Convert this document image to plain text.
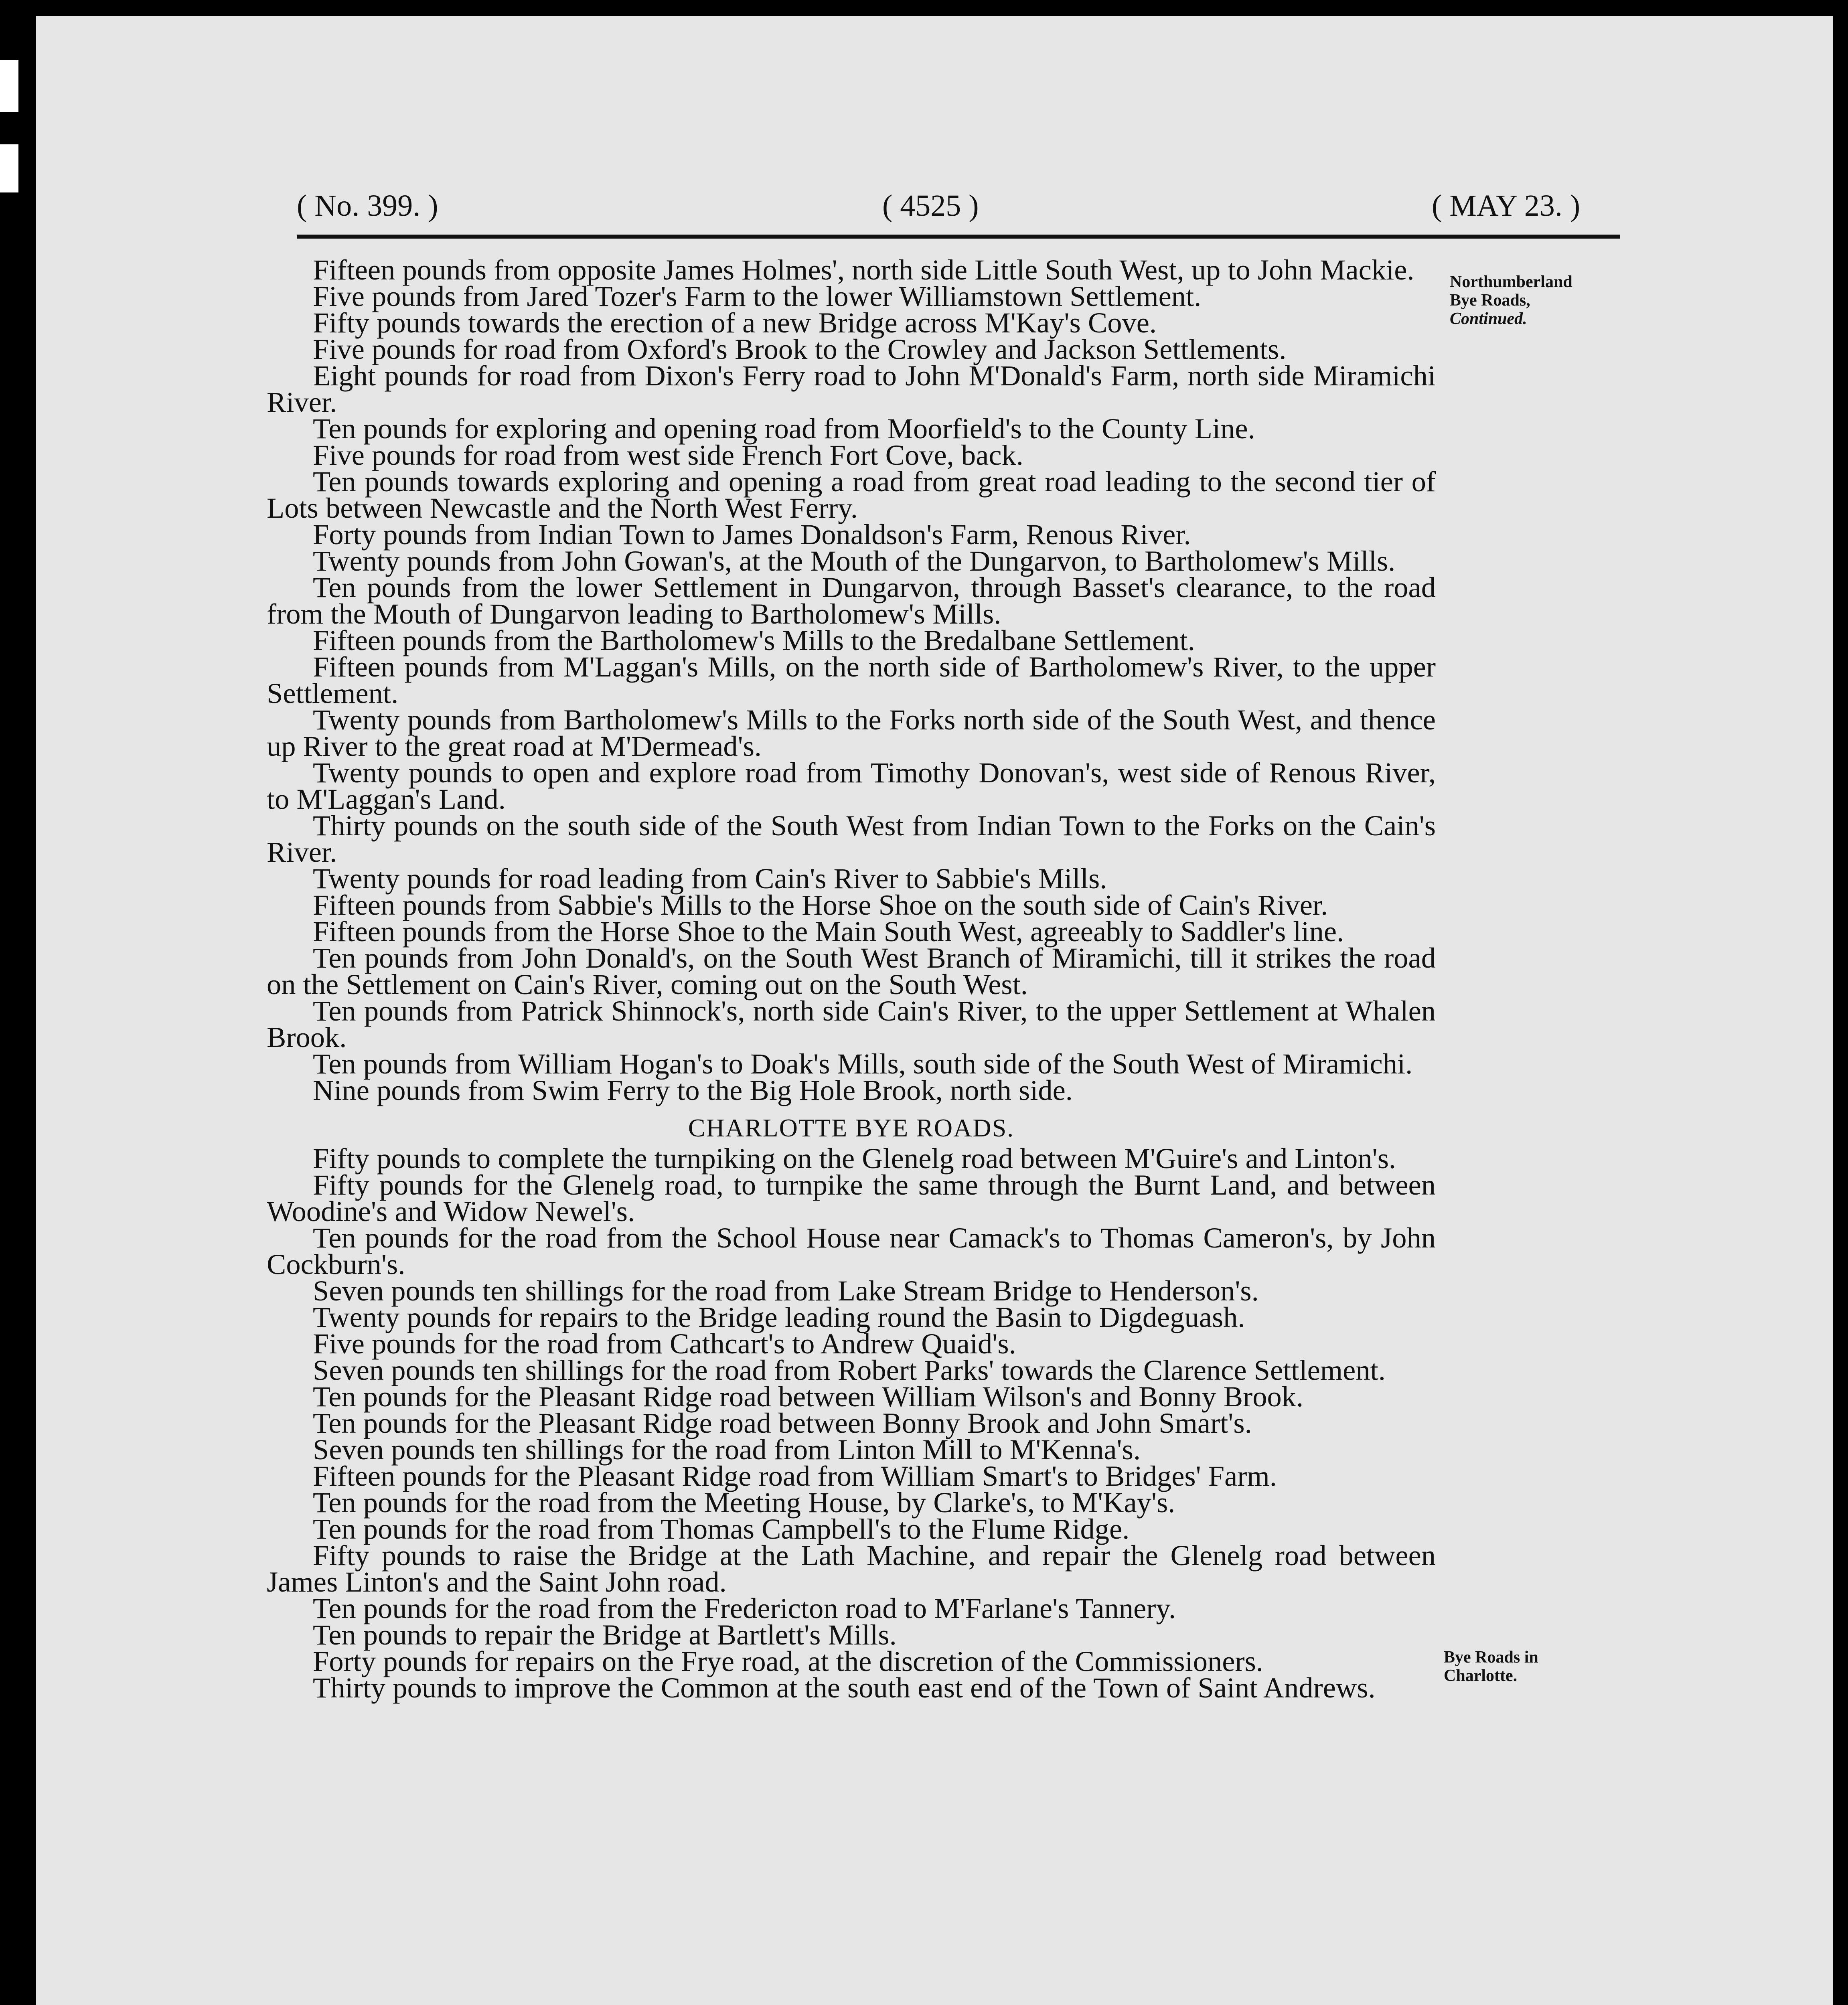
( No. 399. )	( 4525 )	( MAY 23. )
Northumberland
Bye Roads,
Continued.
Bye Roads in
Charlotte.

Fifteen pounds from opposite James Holmes', north side Little South West, up to John Mackie.

Five pounds from Jared Tozer's Farm to the lower Williamstown Settlement.

Fifty pounds towards the erection of a new Bridge across M'Kay's Cove.

Five pounds for road from Oxford's Brook to the Crowley and Jackson Settlements.

Eight pounds for road from Dixon's Ferry road to John M'Donald's Farm, north side Miramichi River.

Ten pounds for exploring and opening road from Moorfield's to the County Line.

Five pounds for road from west side French Fort Cove, back.

Ten pounds towards exploring and opening a road from great road leading to the second tier of Lots between Newcastle and the North West Ferry.

Forty pounds from Indian Town to James Donaldson's Farm, Renous River.

Twenty pounds from John Gowan's, at the Mouth of the Dungarvon, to Bartholomew's Mills.

Ten pounds from the lower Settlement in Dungarvon, through Basset's clearance, to the road from the Mouth of Dungarvon leading to Bartholomew's Mills.

Fifteen pounds from the Bartholomew's Mills to the Bredalbane Settlement.

Fifteen pounds from M'Laggan's Mills, on the north side of Bartholomew's River, to the upper Settlement.

Twenty pounds from Bartholomew's Mills to the Forks north side of the South West, and thence up River to the great road at M'Dermead's.

Twenty pounds to open and explore road from Timothy Donovan's, west side of Renous River, to M'Laggan's Land.

Thirty pounds on the south side of the South West from Indian Town to the Forks on the Cain's River.

Twenty pounds for road leading from Cain's River to Sabbie's Mills.

Fifteen pounds from Sabbie's Mills to the Horse Shoe on the south side of Cain's River.

Fifteen pounds from the Horse Shoe to the Main South West, agreeably to Saddler's line.

Ten pounds from John Donald's, on the South West Branch of Miramichi, till it strikes the road on the Settlement on Cain's River, coming out on the South West.

Ten pounds from Patrick Shinnock's, north side Cain's River, to the upper Settlement at Whalen Brook.

Ten pounds from William Hogan's to Doak's Mills, south side of the South West of Miramichi.

Nine pounds from Swim Ferry to the Big Hole Brook, north side.

CHARLOTTE BYE ROADS.

Fifty pounds to complete the turnpiking on the Glenelg road between M'Guire's and Linton's.

Fifty pounds for the Glenelg road, to turnpike the same through the Burnt Land, and between Woodine's and Widow Newel's.

Ten pounds for the road from the School House near Camack's to Thomas Cameron's, by John Cockburn's.

Seven pounds ten shillings for the road from Lake Stream Bridge to Henderson's.

Twenty pounds for repairs to the Bridge leading round the Basin to Digdeguash.

Five pounds for the road from Cathcart's to Andrew Quaid's.

Seven pounds ten shillings for the road from Robert Parks' towards the Clarence Settlement.

Ten pounds for the Pleasant Ridge road between William Wilson's and Bonny Brook.

Ten pounds for the Pleasant Ridge road between Bonny Brook and John Smart's.

Seven pounds ten shillings for the road from Linton Mill to M'Kenna's.

Fifteen pounds for the Pleasant Ridge road from William Smart's to Bridges' Farm.

Ten pounds for the road from the Meeting House, by Clarke's, to M'Kay's.

Ten pounds for the road from Thomas Campbell's to the Flume Ridge.

Fifty pounds to raise the Bridge at the Lath Machine, and repair the Glenelg road between James Linton's and the Saint John road.

Ten pounds for the road from the Fredericton road to M'Farlane's Tannery.

Ten pounds to repair the Bridge at Bartlett's Mills.

Forty pounds for repairs on the Frye road, at the discretion of the Commissioners.

Thirty pounds to improve the Common at the south east end of the Town of Saint Andrews.
